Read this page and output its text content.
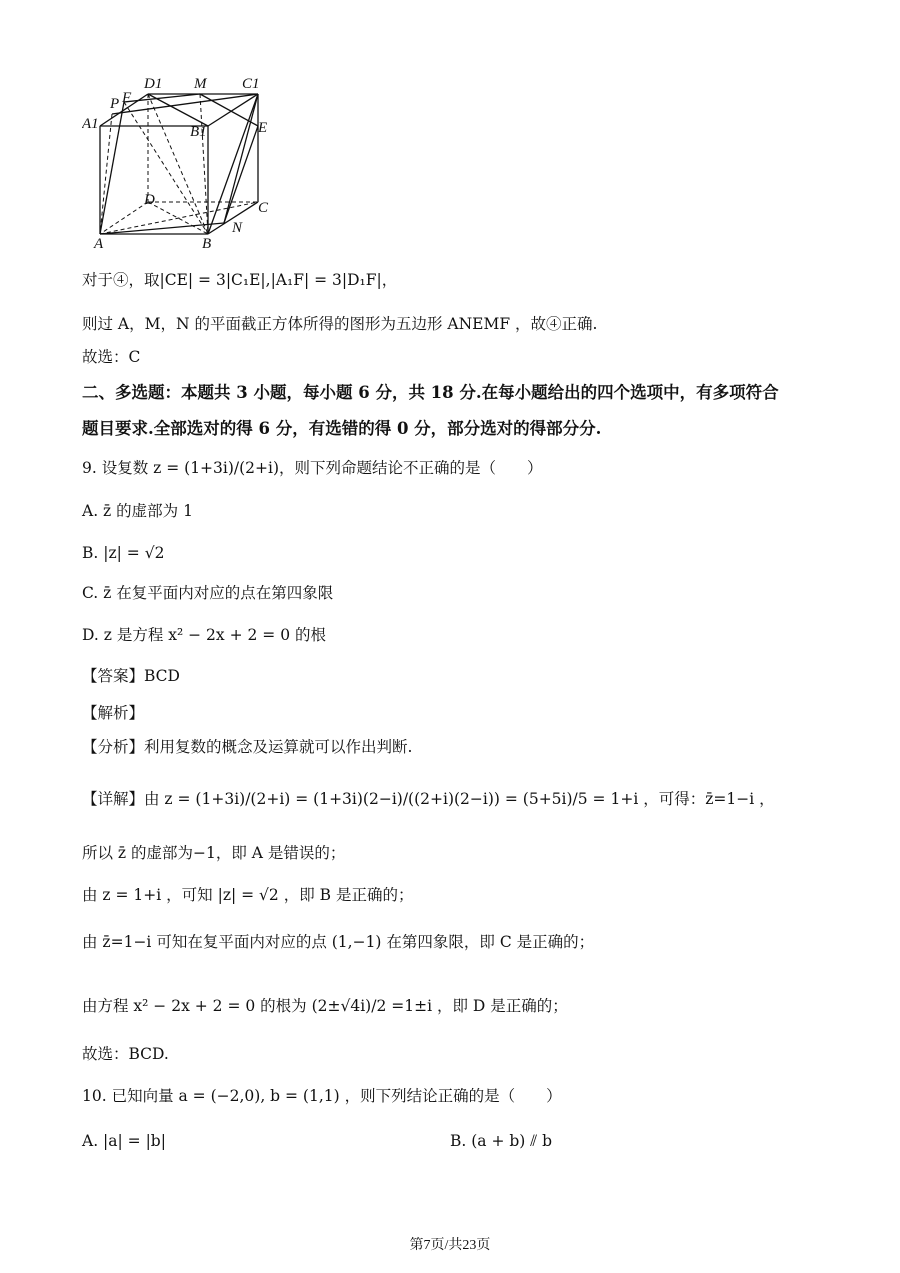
D1 M C1
A1
P F
B1	E
D	C
A	B
N
对于④，取|CE| = 3|C₁E|,|A₁F| = 3|D₁F|，
则过 A，M，N 的平面截正方体所得的图形为五边形 ANEMF ，故④正确.
故选：C
二、多选题：本题共 3 小题，每小题 6 分，共 18 分.在每小题给出的四个选项中，有多项符合
题目要求.全部选对的得 6 分，有选错的得 0 分，部分选对的得部分分.
9. 设复数 z = (1+3i)/(2+i)，则下列命题结论不正确的是（　　）
A. z̄ 的虚部为 1
B. |z| = √2
C. z̄ 在复平面内对应的点在第四象限
D. z 是方程 x² − 2x + 2 = 0 的根
【答案】BCD
【解析】
【分析】利用复数的概念及运算就可以作出判断.
【详解】由 z = (1+3i)/(2+i) = (1+3i)(2−i)/((2+i)(2−i)) = (5+5i)/5 = 1+i ，可得：z̄=1−i ，
所以 z̄ 的虚部为−1，即 A 是错误的；
由 z = 1+i ，可知 |z| = √2 ，即 B 是正确的；
由 z̄=1−i 可知在复平面内对应的点 (1,−1) 在第四象限，即 C 是正确的；
由方程 x² − 2x + 2 = 0 的根为 (2±√4i)/2 =1±i ，即 D 是正确的；
故选：BCD.
10. 已知向量 a = (−2,0), b = (1,1) ，则下列结论正确的是（　　）
A. |a| = |b|	B. (a + b) ⫽ b
第7页/共23页
